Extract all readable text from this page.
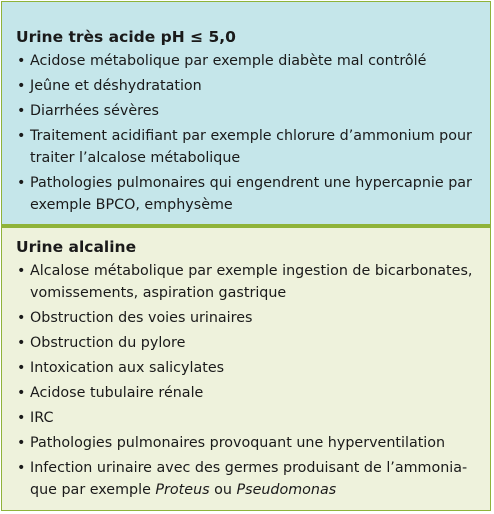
Urine très acide pH ≤ 5,0
• Acidose métabolique par exemple diabète mal contrôlé
• Jeûne et déshydratation
• Diarrhées sévères
• Traitement acidifiant par exemple chlorure d’ammonium pour traiter l’alcalose métabolique
• Pathologies pulmonaires qui engendrent une hypercapnie par exemple BPCO, emphysème
Urine alcaline
• Alcalose métabolique par exemple ingestion de bicarbonates, vomissements, aspiration gastrique
• Obstruction des voies urinaires
• Obstruction du pylore
• Intoxication aux salicylates
• Acidose tubulaire rénale
• IRC
• Pathologies pulmonaires provoquant une hyperventilation
• Infection urinaire avec des germes produisant de l’ammonia-que par exemple Proteus ou Pseudomonas
